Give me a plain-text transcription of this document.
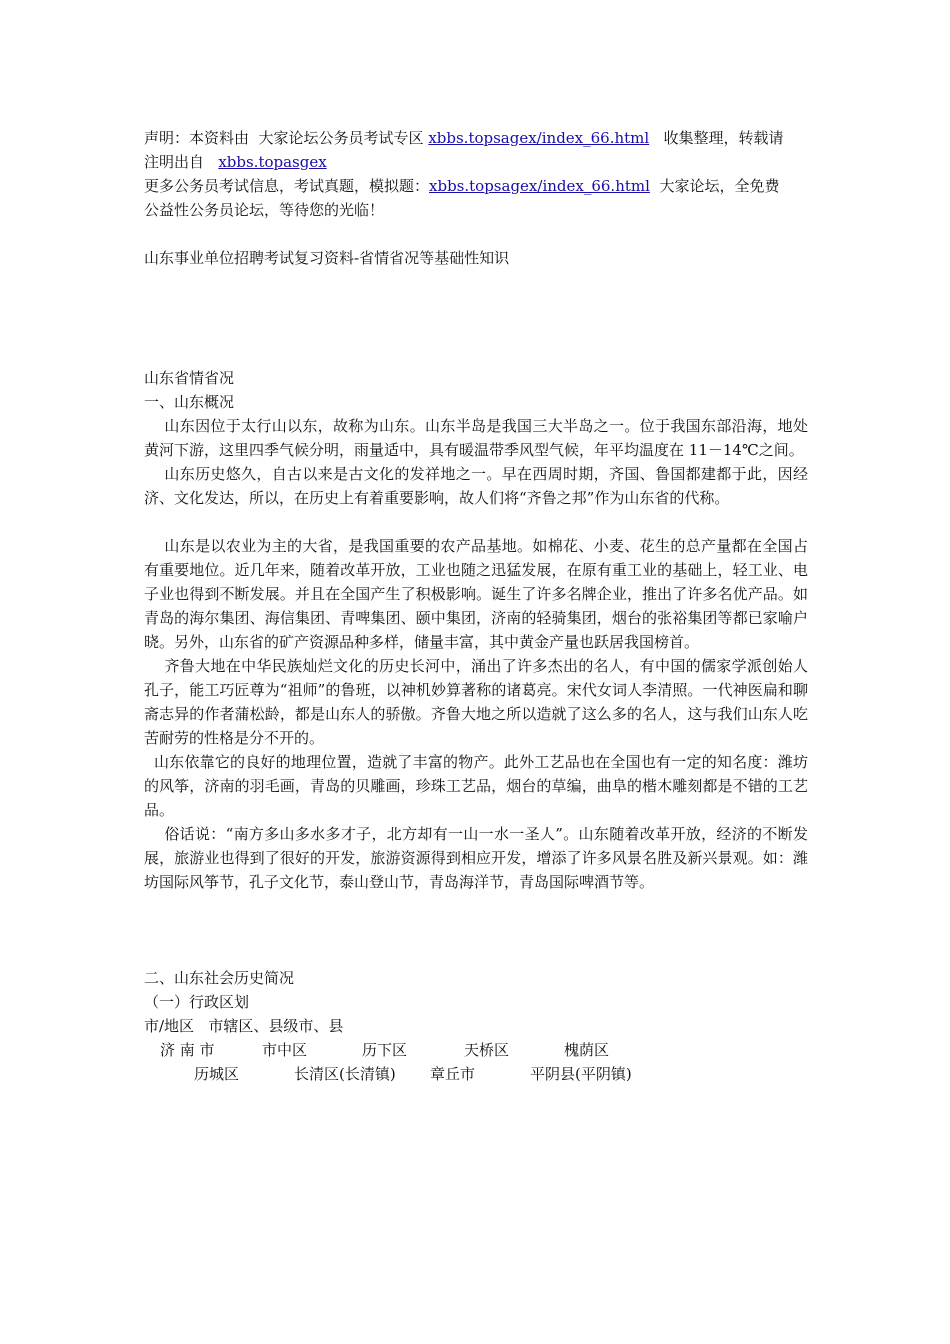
声明：本资料由  大家论坛公务员考试专区 xbbs.topsagex/index_66.html   收集整理，转载请
注明出自   xbbs.topasgex
更多公务员考试信息，考试真题，模拟题：xbbs.topsagex/index_66.html  大家论坛，全免费
公益性公务员论坛，等待您的光临！
山东事业单位招聘考试复习资料-省情省况等基础性知识
山东省情省况
一、山东概况
山东因位于太行山以东，故称为山东。山东半岛是我国三大半岛之一。位于我国东部沿海，地处黄河下游，这里四季气候分明，雨量适中，具有暖温带季风型气候，年平均温度在 11－14℃之间。
山东历史悠久，自古以来是古文化的发祥地之一。早在西周时期，齐国、鲁国都建都于此，因经济、文化发达，所以，在历史上有着重要影响，故人们将“齐鲁之邦”作为山东省的代称。
山东是以农业为主的大省，是我国重要的农产品基地。如棉花、小麦、花生的总产量都在全国占有重要地位。近几年来，随着改革开放，工业也随之迅猛发展，在原有重工业的基础上，轻工业、电子业也得到不断发展。并且在全国产生了积极影响。诞生了许多名牌企业，推出了许多名优产品。如青岛的海尔集团、海信集团、青啤集团、颐中集团，济南的轻骑集团，烟台的张裕集团等都已家喻户晓。另外，山东省的矿产资源品种多样，储量丰富，其中黄金产量也跃居我国榜首。
齐鲁大地在中华民族灿烂文化的历史长河中，涌出了许多杰出的名人，有中国的儒家学派创始人孔子，能工巧匠尊为“祖师”的鲁班，以神机妙算著称的诸葛亮。宋代女词人李清照。一代神医扁和聊斋志异的作者蒲松龄，都是山东人的骄傲。齐鲁大地之所以造就了这么多的名人，这与我们山东人吃苦耐劳的性格是分不开的。
山东依靠它的良好的地理位置，造就了丰富的物产。此外工艺品也在全国也有一定的知名度：潍坊的风筝，济南的羽毛画，青岛的贝雕画，珍珠工艺品，烟台的草编，曲阜的楷木雕刻都是不错的工艺品。
俗话说：“南方多山多水多才子，北方却有一山一水一圣人”。山东随着改革开放，经济的不断发展，旅游业也得到了很好的开发，旅游资源得到相应开发，增添了许多风景名胜及新兴景观。如：潍坊国际风筝节，孔子文化节，泰山登山节，青岛海洋节，青岛国际啤酒节等。
二、山东社会历史简况
（一）行政区划
市/地区   市辖区、县级市、县
济 南 市	市中区	历下区	天桥区	槐荫区
历城区	长清区(长清镇) 章丘市	平阴县(平阴镇)
